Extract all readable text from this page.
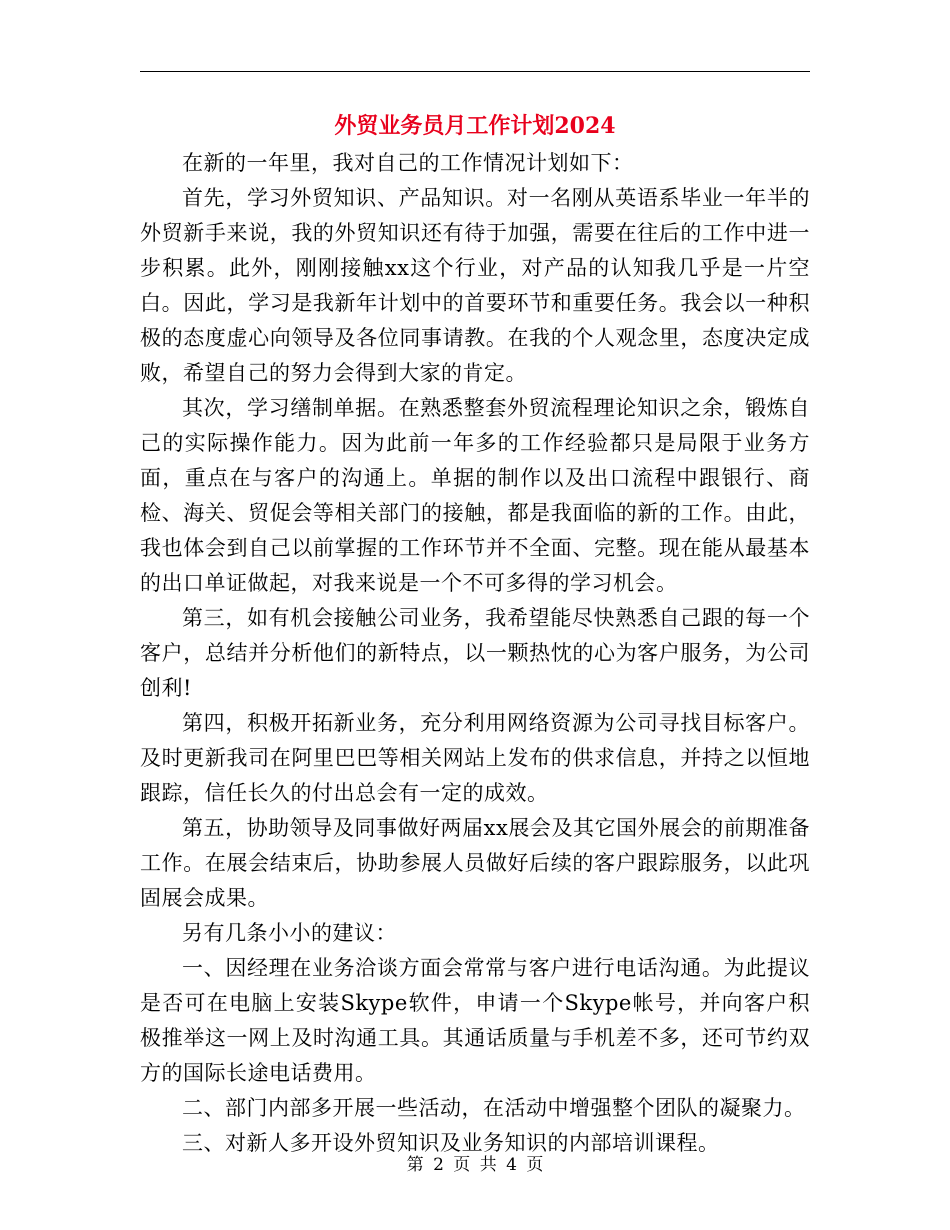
外贸业务员月工作计划2024

在新的一年里，我对自己的工作情况计划如下：

首先，学习外贸知识、产品知识。对一名刚从英语系毕业一年半的外贸新手来说，我的外贸知识还有待于加强，需要在往后的工作中进一步积累。此外，刚刚接触xx这个行业，对产品的认知我几乎是一片空白。因此，学习是我新年计划中的首要环节和重要任务。我会以一种积极的态度虚心向领导及各位同事请教。在我的个人观念里，态度决定成败，希望自己的努力会得到大家的肯定。

其次，学习缮制单据。在熟悉整套外贸流程理论知识之余，锻炼自己的实际操作能力。因为此前一年多的工作经验都只是局限于业务方面，重点在与客户的沟通上。单据的制作以及出口流程中跟银行、商检、海关、贸促会等相关部门的接触，都是我面临的新的工作。由此，我也体会到自己以前掌握的工作环节并不全面、完整。现在能从最基本的出口单证做起，对我来说是一个不可多得的学习机会。

第三，如有机会接触公司业务，我希望能尽快熟悉自己跟的每一个客户，总结并分析他们的新特点，以一颗热忱的心为客户服务，为公司创利!

第四，积极开拓新业务，充分利用网络资源为公司寻找目标客户。及时更新我司在阿里巴巴等相关网站上发布的供求信息，并持之以恒地跟踪，信任长久的付出总会有一定的成效。

第五，协助领导及同事做好两届xx展会及其它国外展会的前期准备工作。在展会结束后，协助参展人员做好后续的客户跟踪服务，以此巩固展会成果。

另有几条小小的建议：

一、因经理在业务洽谈方面会常常与客户进行电话沟通。为此提议是否可在电脑上安装Skype软件，申请一个Skype帐号，并向客户积极推举这一网上及时沟通工具。其通话质量与手机差不多，还可节约双方的国际长途电话费用。

二、部门内部多开展一些活动，在活动中增强整个团队的凝聚力。

三、对新人多开设外贸知识及业务知识的内部培训课程。

第 2 页 共 4 页
